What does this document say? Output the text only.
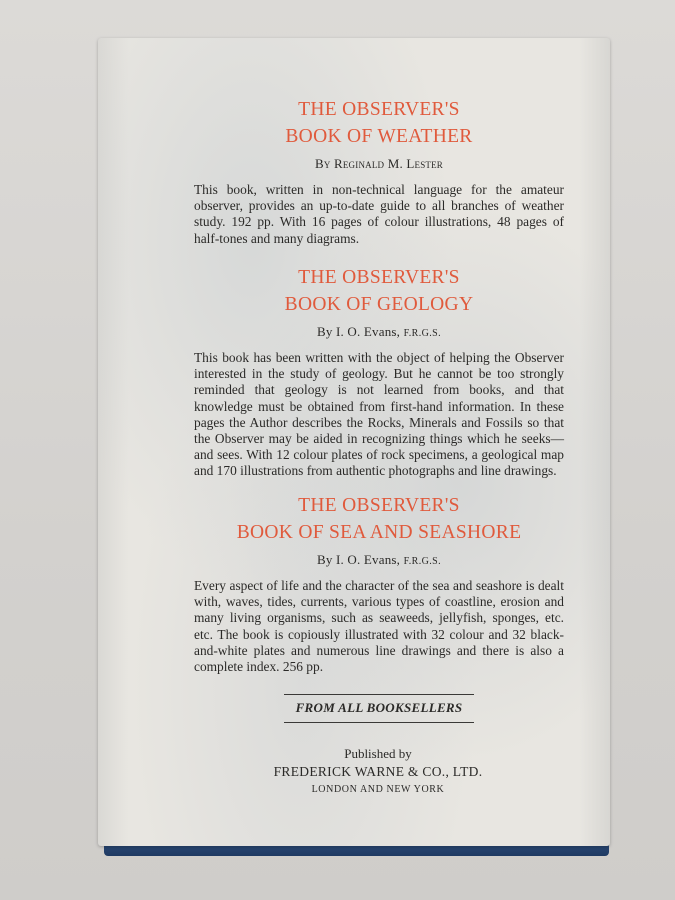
THE OBSERVER'S
BOOK OF WEATHER

By Reginald M. Lester

This book, written in non-technical language for the amateur observer, provides an up-to-date guide to all branches of weather study. 192 pp. With 16 pages of colour illustrations, 48 pages of half-tones and many diagrams.

THE OBSERVER'S
BOOK OF GEOLOGY

By I. O. Evans, F.R.G.S.

This book has been written with the object of helping the Observer interested in the study of geology. But he cannot be too strongly reminded that geology is not learned from books, and that knowledge must be obtained from first-hand information. In these pages the Author describes the Rocks, Minerals and Fossils so that the Observer may be aided in recognizing things which he seeks—and sees. With 12 colour plates of rock specimens, a geological map and 170 illustrations from authentic photographs and line drawings.

THE OBSERVER'S
BOOK OF SEA AND SEASHORE

By I. O. Evans, F.R.G.S.

Every aspect of life and the character of the sea and seashore is dealt with, waves, tides, currents, various types of coastline, erosion and many living organisms, such as seaweeds, jellyfish, sponges, etc. etc. The book is copiously illustrated with 32 colour and 32 black-and-white plates and numerous line drawings and there is also a complete index. 256 pp.

FROM ALL BOOKSELLERS
Published by
FREDERICK WARNE & CO., LTD.
LONDON AND NEW YORK
